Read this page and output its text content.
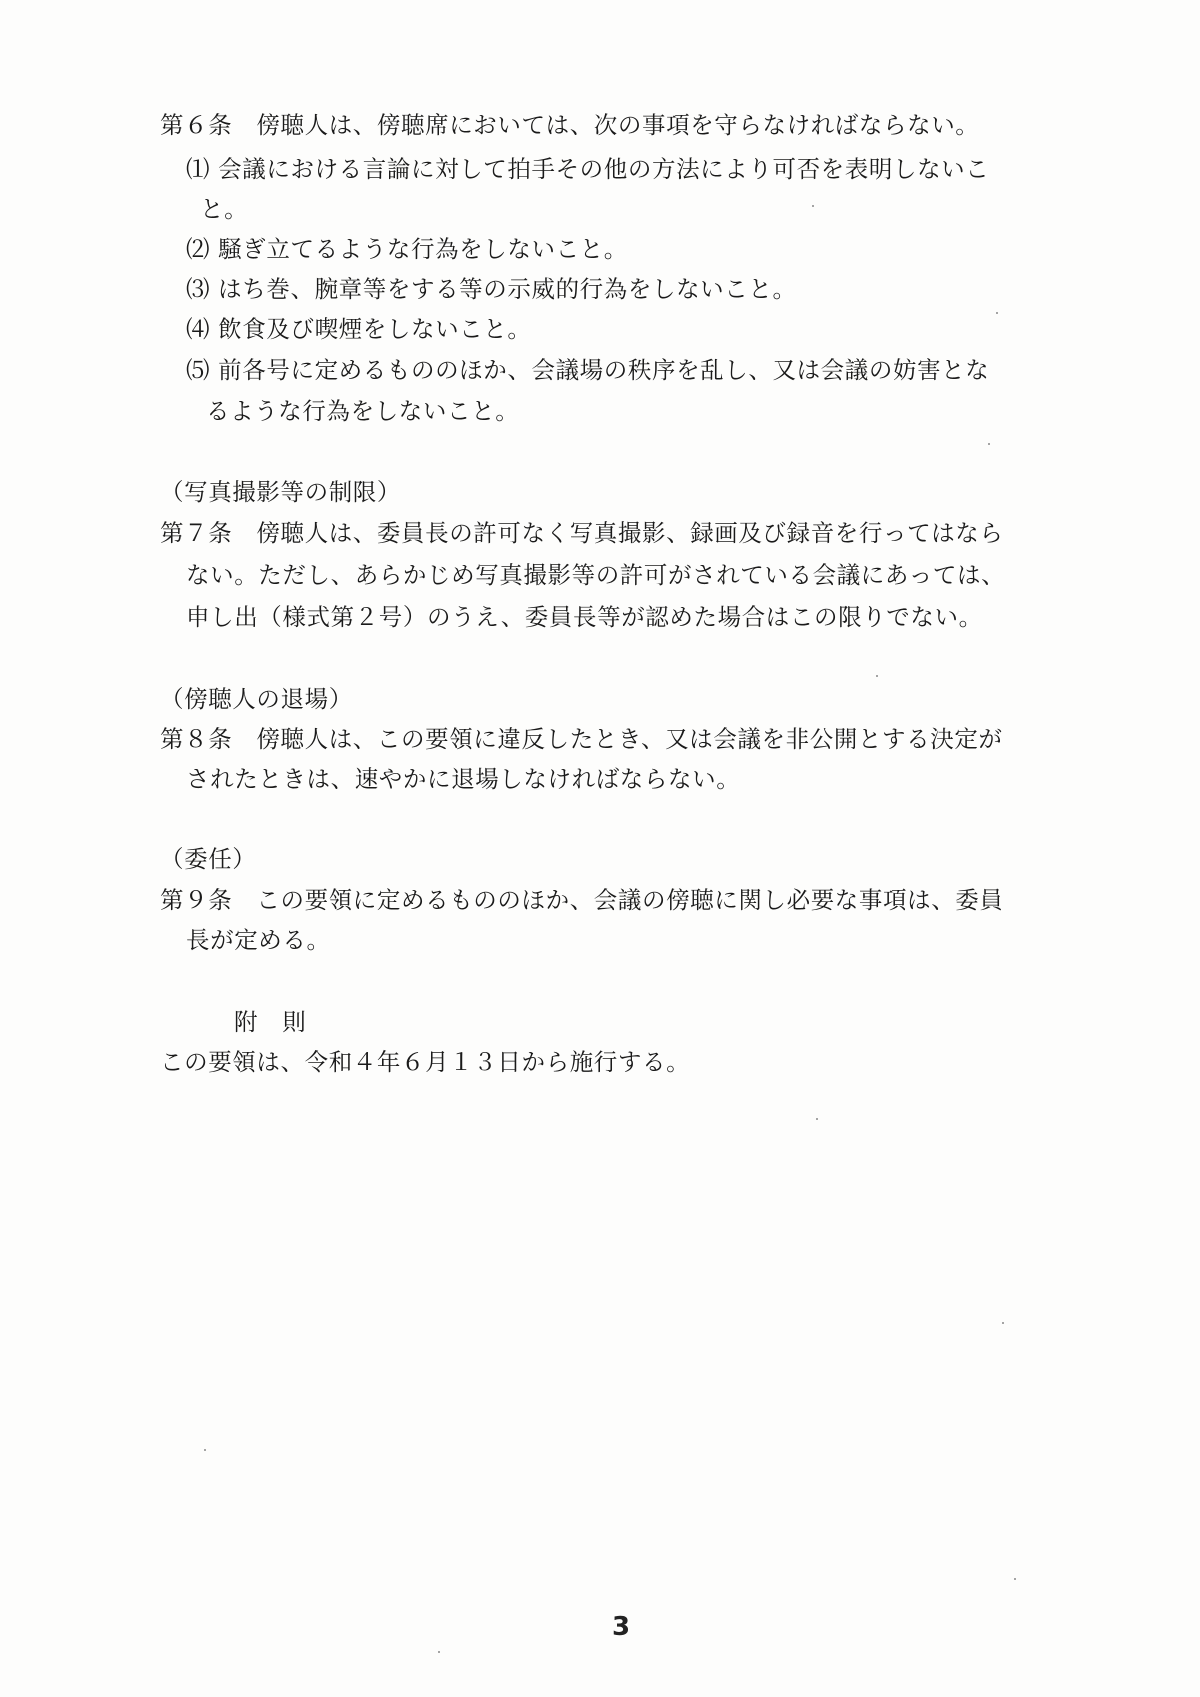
第６条　傍聴人は、傍聴席においては、次の事項を守らなければならない。
⑴ 会議における言論に対して拍手その他の方法により可否を表明しないこ
と。
⑵ 騒ぎ立てるような行為をしないこと。
⑶ はち巻、腕章等をする等の示威的行為をしないこと。
⑷ 飲食及び喫煙をしないこと。
⑸ 前各号に定めるもののほか、会議場の秩序を乱し、又は会議の妨害とな
るような行為をしないこと。
（写真撮影等の制限）
第７条　傍聴人は、委員長の許可なく写真撮影、録画及び録音を行ってはなら
ない。ただし、あらかじめ写真撮影等の許可がされている会議にあっては、
申し出（様式第２号）のうえ、委員長等が認めた場合はこの限りでない。
（傍聴人の退場）
第８条　傍聴人は、この要領に違反したとき、又は会議を非公開とする決定が
されたときは、速やかに退場しなければならない。
（委任）
第９条　この要領に定めるもののほか、会議の傍聴に関し必要な事項は、委員
長が定める。
附　則
この要領は、令和４年６月１３日から施行する。
3
